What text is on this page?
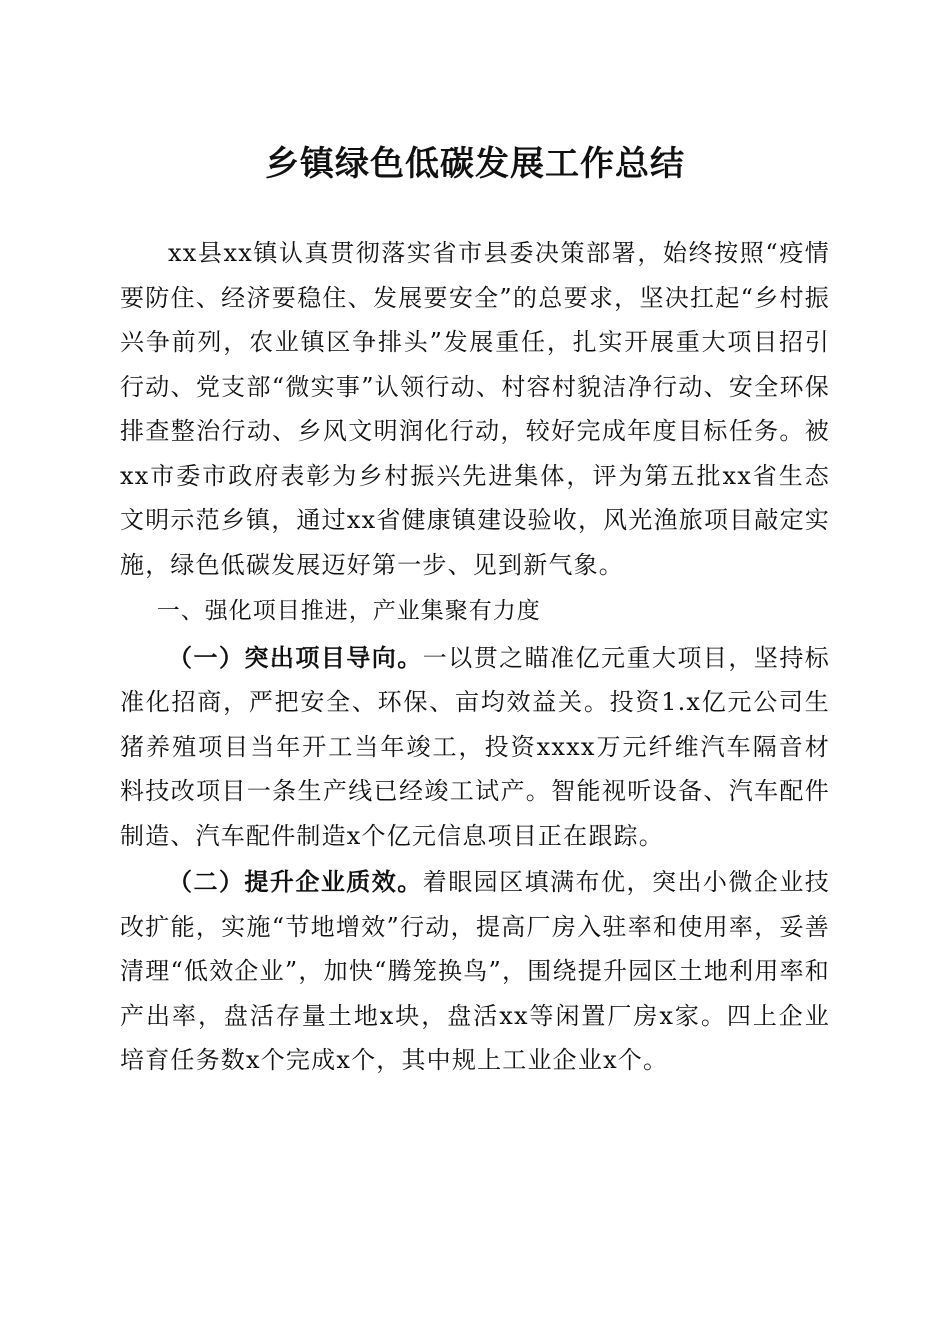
乡镇绿色低碳发展工作总结

xx县xx镇认真贯彻落实省市县委决策部署，始终按照“疫情要防住、经济要稳住、发展要安全”的总要求，坚决扛起“乡村振兴争前列，农业镇区争排头”发展重任，扎实开展重大项目招引行动、党支部“微实事”认领行动、村容村貌洁净行动、安全环保排查整治行动、乡风文明润化行动，较好完成年度目标任务。被xx市委市政府表彰为乡村振兴先进集体，评为第五批xx省生态文明示范乡镇，通过xx省健康镇建设验收，风光渔旅项目敲定实施，绿色低碳发展迈好第一步、见到新气象。

一、强化项目推进，产业集聚有力度

（一）突出项目导向。一以贯之瞄准亿元重大项目，坚持标准化招商，严把安全、环保、亩均效益关。投资1.x亿元公司生猪养殖项目当年开工当年竣工，投资xxxx万元纤维汽车隔音材料技改项目一条生产线已经竣工试产。智能视听设备、汽车配件制造、汽车配件制造x个亿元信息项目正在跟踪。

（二）提升企业质效。着眼园区填满布优，突出小微企业技改扩能，实施“节地增效”行动，提高厂房入驻率和使用率，妥善清理“低效企业”，加快“腾笼换鸟”，围绕提升园区土地利用率和产出率，盘活存量土地x块，盘活xx等闲置厂房x家。四上企业培育任务数x个完成x个，其中规上工业企业x个。
